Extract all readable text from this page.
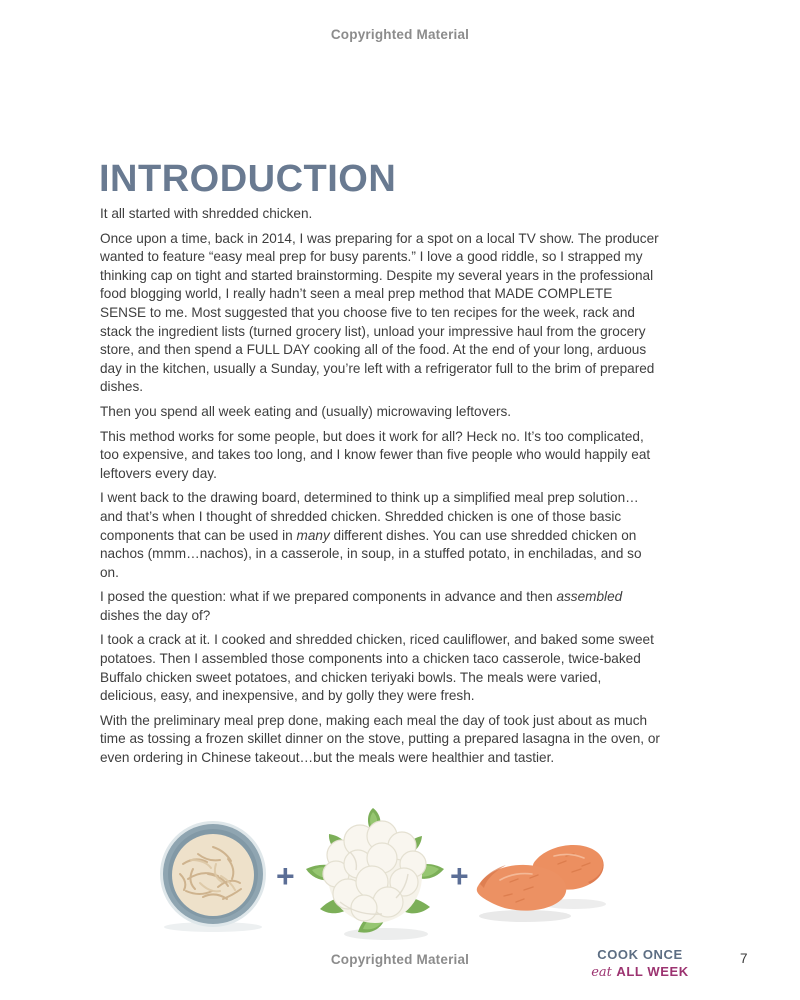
Copyrighted Material
INTRODUCTION

It all started with shredded chicken.

Once upon a time, back in 2014, I was preparing for a spot on a local TV show. The producer wanted to feature “easy meal prep for busy parents.” I love a good riddle, so I strapped my thinking cap on tight and started brainstorming. Despite my several years in the professional food blogging world, I really hadn’t seen a meal prep method that MADE COMPLETE SENSE to me. Most suggested that you choose five to ten recipes for the week, rack and stack the ingredient lists (turned grocery list), unload your impressive haul from the grocery store, and then spend a FULL DAY cooking all of the food. At the end of your long, arduous day in the kitchen, usually a Sunday, you’re left with a refrigerator full to the brim of prepared dishes.

Then you spend all week eating and (usually) microwaving leftovers.

This method works for some people, but does it work for all? Heck no. It’s too complicated, too expensive, and takes too long, and I know fewer than five people who would happily eat leftovers every day.

I went back to the drawing board, determined to think up a simplified meal prep solution…and that’s when I thought of shredded chicken. Shredded chicken is one of those basic components that can be used in many different dishes. You can use shredded chicken on nachos (mmm…nachos), in a casserole, in soup, in a stuffed potato, in enchiladas, and so on.

I posed the question: what if we prepared components in advance and then assembled dishes the day of?

I took a crack at it. I cooked and shredded chicken, riced cauliflower, and baked some sweet potatoes. Then I assembled those components into a chicken taco casserole, twice-baked Buffalo chicken sweet potatoes, and chicken teriyaki bowls. The meals were varied, delicious, easy, and inexpensive, and by golly they were fresh.

With the preliminary meal prep done, making each meal the day of took just about as much time as tossing a frozen skillet dinner on the stove, putting a prepared lasagna in the oven, or even ordering in Chinese takeout…but the meals were healthier and tastier.

+	+
Copyrighted Material	COOK ONCE
eat ALL WEEK
7
